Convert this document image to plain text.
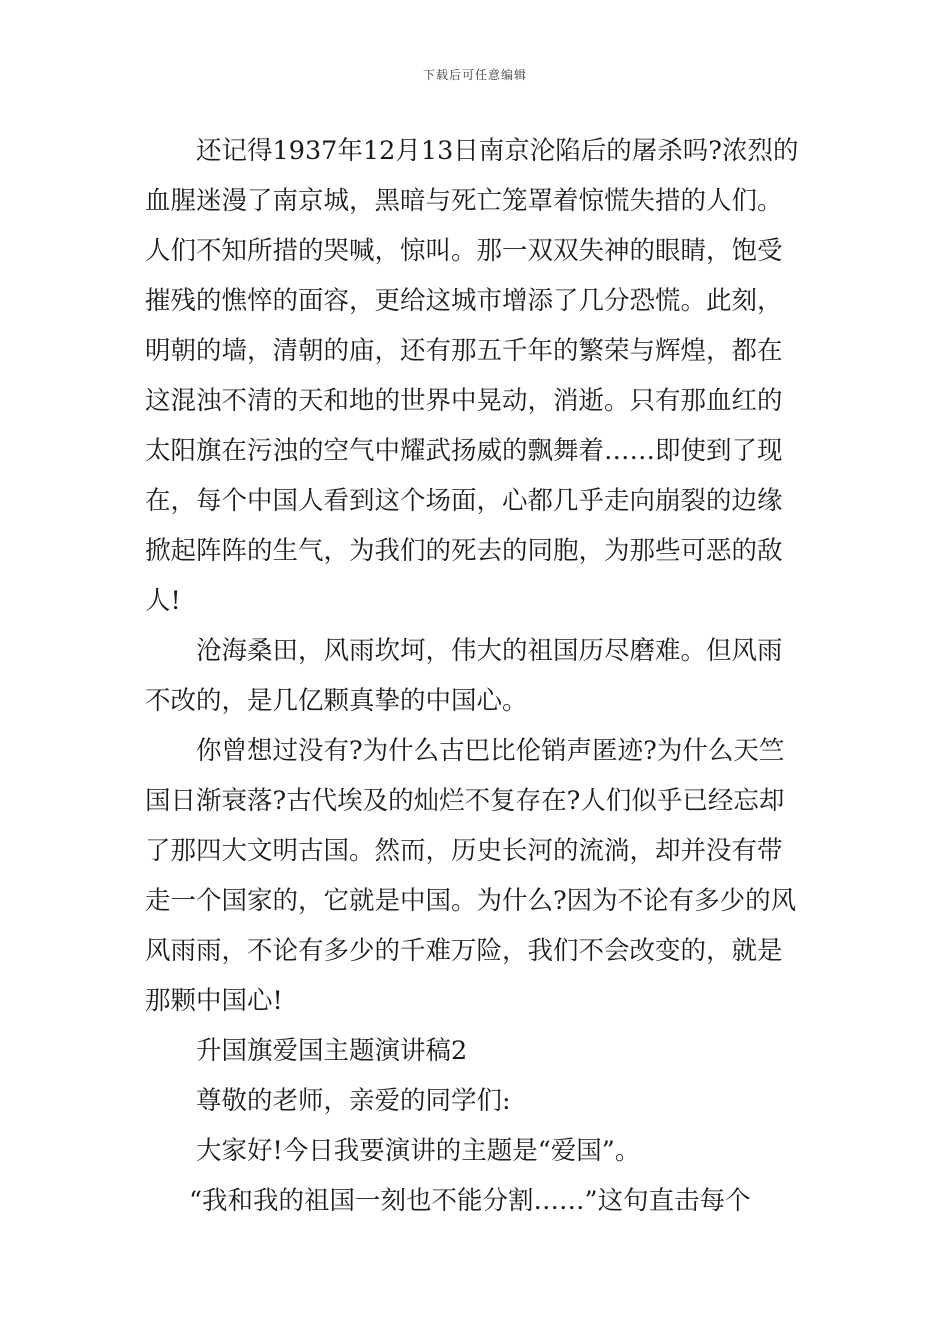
下载后可任意编辑
还记得1937年12月13日南京沦陷后的屠杀吗?浓烈的
血腥迷漫了南京城，黑暗与死亡笼罩着惊慌失措的人们。
人们不知所措的哭喊，惊叫。那一双双失神的眼睛，饱受
摧残的憔悴的面容，更给这城市增添了几分恐慌。此刻，
明朝的墙，清朝的庙，还有那五千年的繁荣与辉煌，都在
这混浊不清的天和地的世界中晃动，消逝。只有那血红的
太阳旗在污浊的空气中耀武扬威的飘舞着……即使到了现
在，每个中国人看到这个场面，心都几乎走向崩裂的边缘
掀起阵阵的生气，为我们的死去的同胞，为那些可恶的敌
人!
沧海桑田，风雨坎坷，伟大的祖国历尽磨难。但风雨
不改的，是几亿颗真挚的中国心。
你曾想过没有?为什么古巴比伦销声匿迹?为什么天竺
国日渐衰落?古代埃及的灿烂不复存在?人们似乎已经忘却
了那四大文明古国。然而，历史长河的流淌，却并没有带
走一个国家的，它就是中国。为什么?因为不论有多少的风
风雨雨，不论有多少的千难万险，我们不会改变的，就是
那颗中国心!
升国旗爱国主题演讲稿2
尊敬的老师，亲爱的同学们:
大家好!今日我要演讲的主题是“爱国”。
“我和我的祖国一刻也不能分割……”这句直击每个
